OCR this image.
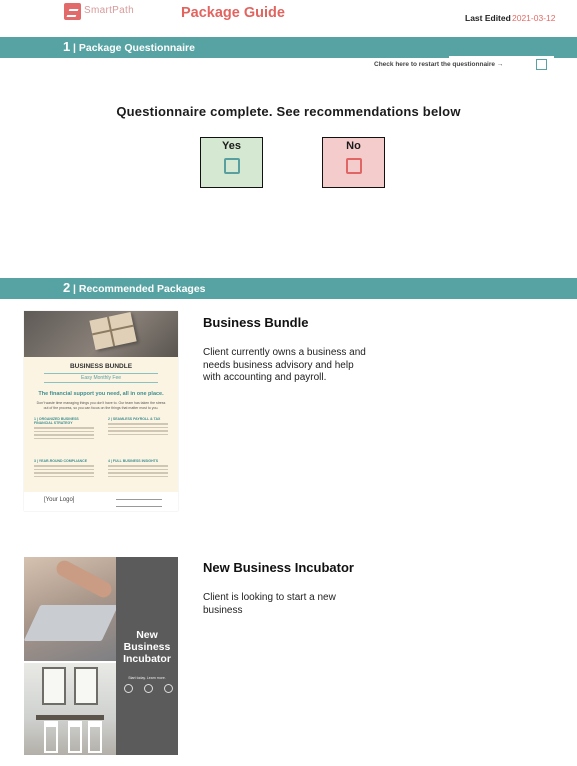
SmartPath	Package Guide	Last Edited 2021-03-12
1 | Package Questionnaire
Check here to restart the questionnaire →
Questionnaire complete. See recommendations below
Yes	No
2 | Recommended Packages
BUSINESS BUNDLE
Easy Monthly Fee
The financial support you need, all in one place.
Don't waste time managing things you don't have to. Our team has taken the stress out of the process, so you can focus on the things that matter most to you.
1 | ORGANIZED BUSINESS FINANCIAL STRATEGY
2 | SEAMLESS PAYROLL & TAX
3 | YEAR-ROUND COMPLIANCE	4 | FULL BUSINESS INSIGHTS
[Your Logo]
Business Bundle
Client currently owns a business and needs business advisory and help with accounting and payroll.
New
Business
Incubator
Start today. Learn more.
New Business Incubator
Client is looking to start a new business
